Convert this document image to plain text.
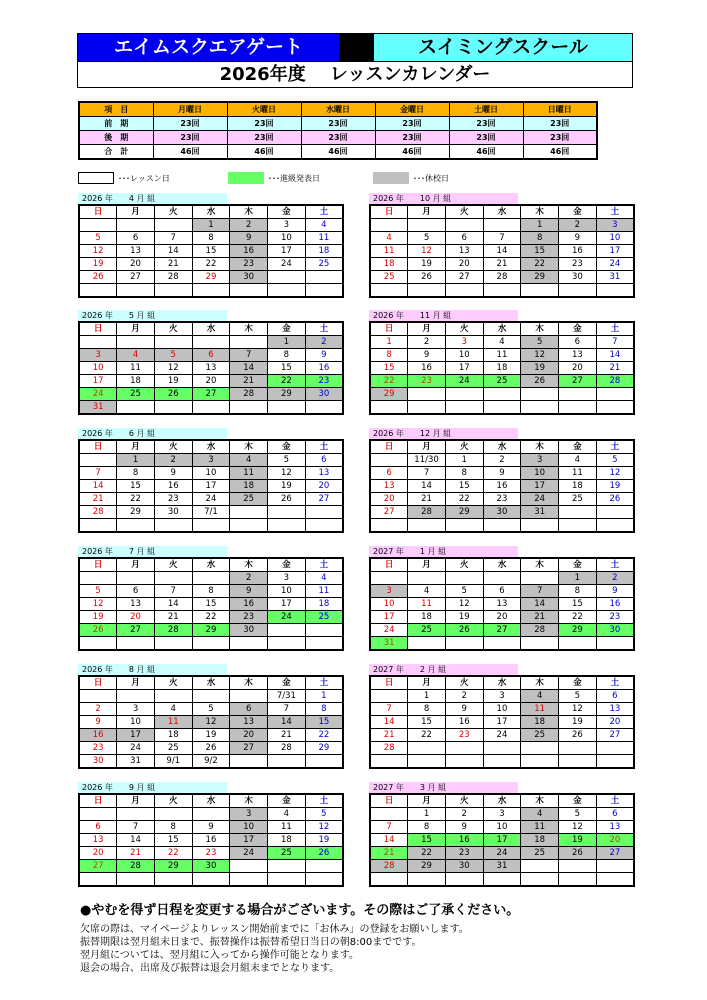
エイムスクエアゲート	スイミングスクール
2026年度 レッスンカレンダー
項　目	月曜日	火曜日	水曜日	金曜日	土曜日	日曜日
前　期	23回	23回	23回	23回	23回	23回
後　期	23回	23回	23回	23回	23回	23回
合　計	46回	46回	46回	46回	46回	46回
･･･レッスン日	･･･進級発表日	･･･休校日
2026 年　　4 月 組
日	月	火	水	木	金	土
			1	2	3	4
5	6	7	8	9	10	11
12	13	14	15	16	17	18
19	20	21	22	23	24	25
26	27	28	29	30		

2026 年　　10 月 組
日	月	火	水	木	金	土
				1	2	3
4	5	6	7	8	9	10
11	12	13	14	15	16	17
18	19	20	21	22	23	24
25	26	27	28	29	30	31

2026 年　　5 月 組
日	月	火	水	木	金	土
					1	2
3	4	5	6	7	8	9
10	11	12	13	14	15	16
17	18	19	20	21	22	23
24	25	26	27	28	29	30
31						
2026 年　　11 月 組
日	月	火	水	木	金	土
1	2	3	4	5	6	7
8	9	10	11	12	13	14
15	16	17	18	19	20	21
22	23	24	25	26	27	28
29						

2026 年　　6 月 組
日	月	火	水	木	金	土
	1	2	3	4	5	6
7	8	9	10	11	12	13
14	15	16	17	18	19	20
21	22	23	24	25	26	27
28	29	30	7/1			

2026 年　　12 月 組
日	月	火	水	木	金	土
	11/30	1	2	3	4	5
6	7	8	9	10	11	12
13	14	15	16	17	18	19
20	21	22	23	24	25	26
27	28	29	30	31		

2026 年　　7 月 組
日	月	火	水	木	金	土
				2	3	4
5	6	7	8	9	10	11
12	13	14	15	16	17	18
19	20	21	22	23	24	25
26	27	28	29	30		

2027 年　　1 月 組
日	月	火	水	木	金	土
					1	2
3	4	5	6	7	8	9
10	11	12	13	14	15	16
17	18	19	20	21	22	23
24	25	26	27	28	29	30
31						
2026 年　　8 月 組
日	月	火	水	木	金	土
					7/31	1
2	3	4	5	6	7	8
9	10	11	12	13	14	15
16	17	18	19	20	21	22
23	24	25	26	27	28	29
30	31	9/1	9/2			
2027 年　　2 月 組
日	月	火	水	木	金	土
	1	2	3	4	5	6
7	8	9	10	11	12	13
14	15	16	17	18	19	20
21	22	23	24	25	26	27
28						

2026 年　　9 月 組
日	月	火	水	木	金	土
				3	4	5
6	7	8	9	10	11	12
13	14	15	16	17	18	19
20	21	22	23	24	25	26
27	28	29	30			

2027 年　　3 月 組
日	月	火	水	木	金	土
	1	2	3	4	5	6
7	8	9	10	11	12	13
14	15	16	17	18	19	20
21	22	23	24	25	26	27
28	29	30	31			

●やむを得ず日程を変更する場合がございます。その際はご了承ください。
欠席の際は、マイページよりレッスン開始前までに「お休み」の登録をお願いします。
振替期限は翌月組末日まで、振替操作は振替希望日当日の朝8:00までです。
翌月組については、翌月組に入ってから操作可能となります。
退会の場合、出席及び振替は退会月組末までとなります。
